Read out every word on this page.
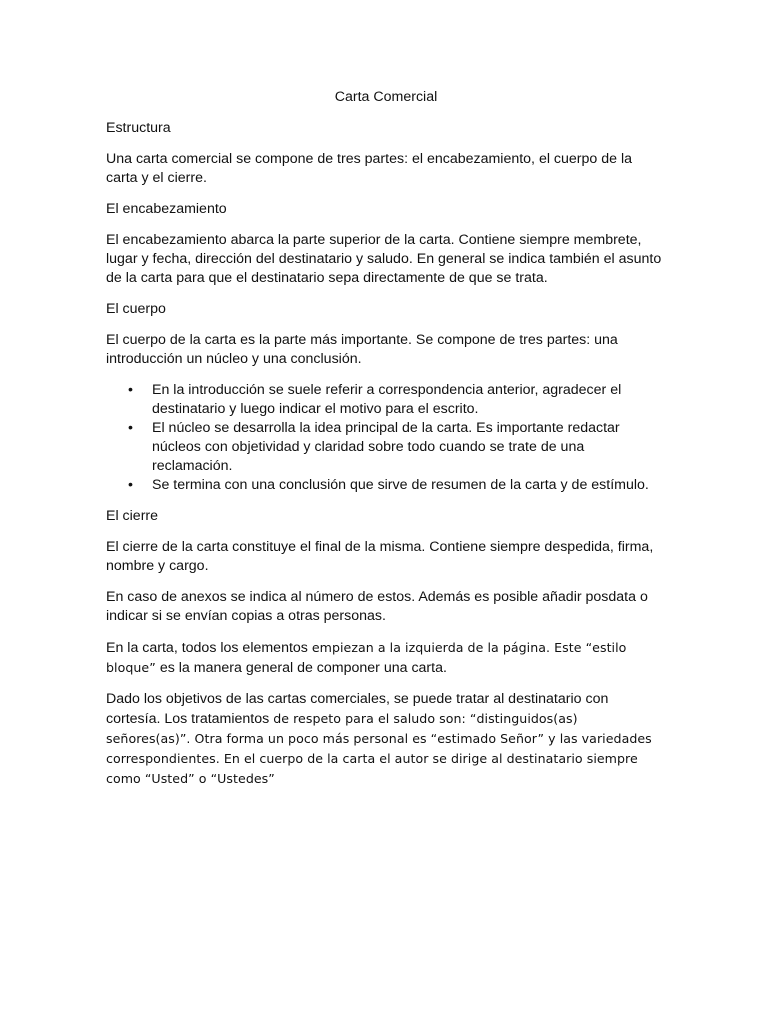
Carta Comercial
Estructura
Una carta comercial se compone de tres partes: el encabezamiento, el cuerpo de la carta y el cierre.
El encabezamiento
El encabezamiento abarca la parte superior de la carta. Contiene siempre membrete, lugar y fecha, dirección del destinatario y saludo. En general se indica también el asunto de la carta para que el destinatario sepa directamente de que se trata.
El cuerpo
El cuerpo de la carta es la parte más importante. Se compone de tres partes: una introducción un núcleo y una conclusión.
• En la introducción se suele referir a correspondencia anterior, agradecer el destinatario y luego indicar el motivo para el escrito.
• El núcleo se desarrolla la idea principal de la carta. Es importante redactar núcleos con objetividad y claridad sobre todo cuando se trate de una reclamación.
• Se termina con una conclusión que sirve de resumen de la carta y de estímulo.
El cierre
El cierre de la carta constituye el final de la misma. Contiene siempre despedida, firma, nombre y cargo.
En caso de anexos se indica al número de estos. Además es posible añadir posdata o indicar si se envían copias a otras personas.
En la carta, todos los elementos empiezan a la izquierda de la página. Este “estilo bloque” es la manera general de componer una carta.
Dado los objetivos de las cartas comerciales, se puede tratar al destinatario con cortesía. Los tratamientos de respeto para el saludo son: “distinguidos(as) señores(as)”. Otra forma un poco más personal es “estimado Señor” y las variedades correspondientes. En el cuerpo de la carta el autor se dirige al destinatario siempre como “Usted” o “Ustedes”
